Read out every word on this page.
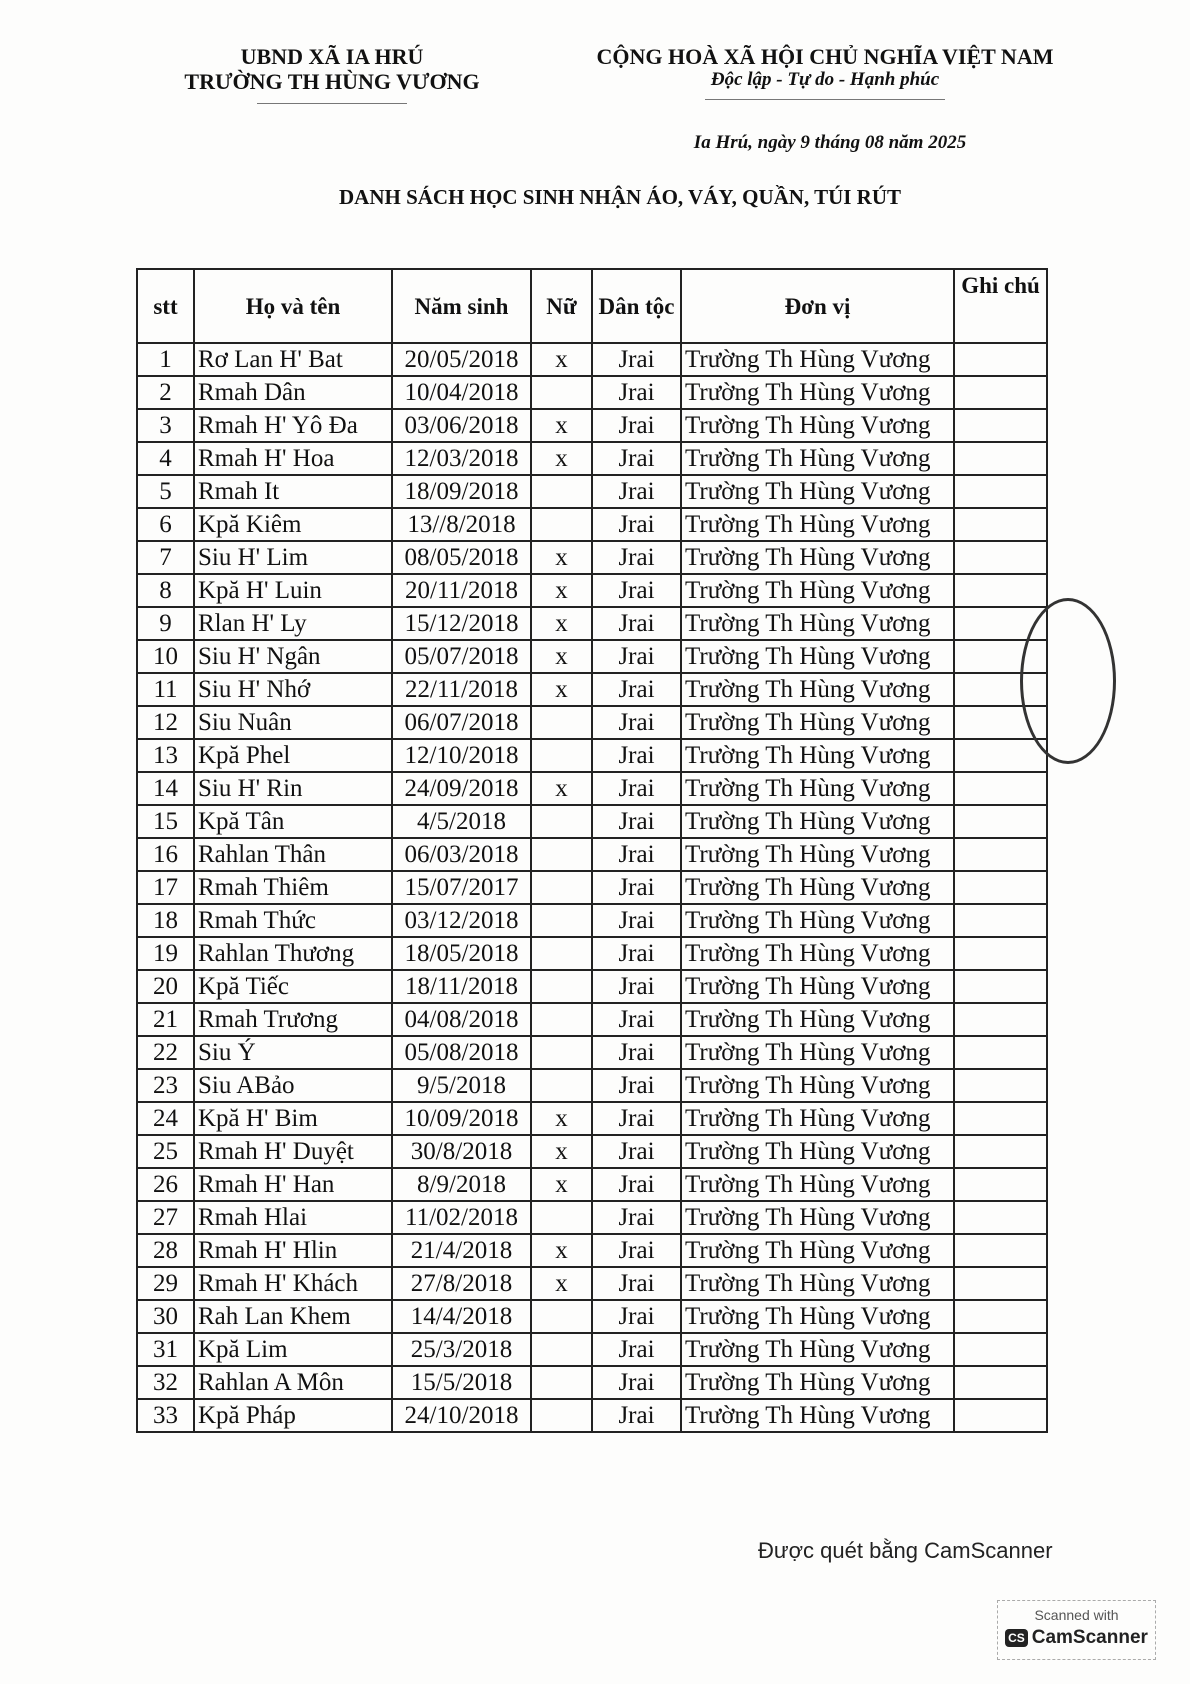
UBND XÃ IA HRÚ
TRƯỜNG TH HÙNG VƯƠNG
CỘNG HOÀ XÃ HỘI CHỦ NGHĨA VIỆT NAM
Độc lập - Tự do - Hạnh phúc
Ia Hrú, ngày 9 tháng 08 năm 2025
DANH SÁCH HỌC SINH NHẬN ÁO, VÁY, QUẦN, TÚI RÚT
stt	Họ và tên	Năm sinh	Nữ	Dân tộc	Đơn vị	Ghi chú
1	Rơ Lan H' Bat	20/05/2018	x	Jrai	Trường Th Hùng Vương	
2	Rmah Dân	10/04/2018		Jrai	Trường Th Hùng Vương	
3	Rmah H' Yô Đa	03/06/2018	x	Jrai	Trường Th Hùng Vương	
4	Rmah H' Hoa	12/03/2018	x	Jrai	Trường Th Hùng Vương	
5	Rmah It	18/09/2018		Jrai	Trường Th Hùng Vương	
6	Kpă Kiêm	13//8/2018		Jrai	Trường Th Hùng Vương	
7	Siu H' Lim	08/05/2018	x	Jrai	Trường Th Hùng Vương	
8	Kpă H' Luin	20/11/2018	x	Jrai	Trường Th Hùng Vương	
9	Rlan H' Ly	15/12/2018	x	Jrai	Trường Th Hùng Vương	
10	Siu H' Ngân	05/07/2018	x	Jrai	Trường Th Hùng Vương	
11	Siu H' Nhớ	22/11/2018	x	Jrai	Trường Th Hùng Vương	
12	Siu Nuân	06/07/2018		Jrai	Trường Th Hùng Vương	
13	Kpă Phel	12/10/2018		Jrai	Trường Th Hùng Vương	
14	Siu H' Rin	24/09/2018	x	Jrai	Trường Th Hùng Vương	
15	Kpă Tân	4/5/2018		Jrai	Trường Th Hùng Vương	
16	Rahlan Thân	06/03/2018		Jrai	Trường Th Hùng Vương	
17	Rmah Thiêm	15/07/2017		Jrai	Trường Th Hùng Vương	
18	Rmah Thức	03/12/2018		Jrai	Trường Th Hùng Vương	
19	Rahlan Thương	18/05/2018		Jrai	Trường Th Hùng Vương	
20	Kpă Tiếc	18/11/2018		Jrai	Trường Th Hùng Vương	
21	Rmah Trương	04/08/2018		Jrai	Trường Th Hùng Vương	
22	Siu Ý	05/08/2018		Jrai	Trường Th Hùng Vương	
23	Siu ABảo	9/5/2018		Jrai	Trường Th Hùng Vương	
24	Kpă H' Bim	10/09/2018	x	Jrai	Trường Th Hùng Vương	
25	Rmah H' Duyệt	30/8/2018	x	Jrai	Trường Th Hùng Vương	
26	Rmah H' Han	8/9/2018	x	Jrai	Trường Th Hùng Vương	
27	Rmah Hlai	11/02/2018		Jrai	Trường Th Hùng Vương	
28	Rmah H' Hlin	21/4/2018	x	Jrai	Trường Th Hùng Vương	
29	Rmah H' Khách	27/8/2018	x	Jrai	Trường Th Hùng Vương	
30	Rah Lan Khem	14/4/2018		Jrai	Trường Th Hùng Vương	
31	Kpă Lim	25/3/2018		Jrai	Trường Th Hùng Vương	
32	Rahlan A Môn	15/5/2018		Jrai	Trường Th Hùng Vương	
33	Kpă Pháp	24/10/2018		Jrai	Trường Th Hùng Vương	
Được quét bằng CamScanner
Scanned with
CS CamScanner
